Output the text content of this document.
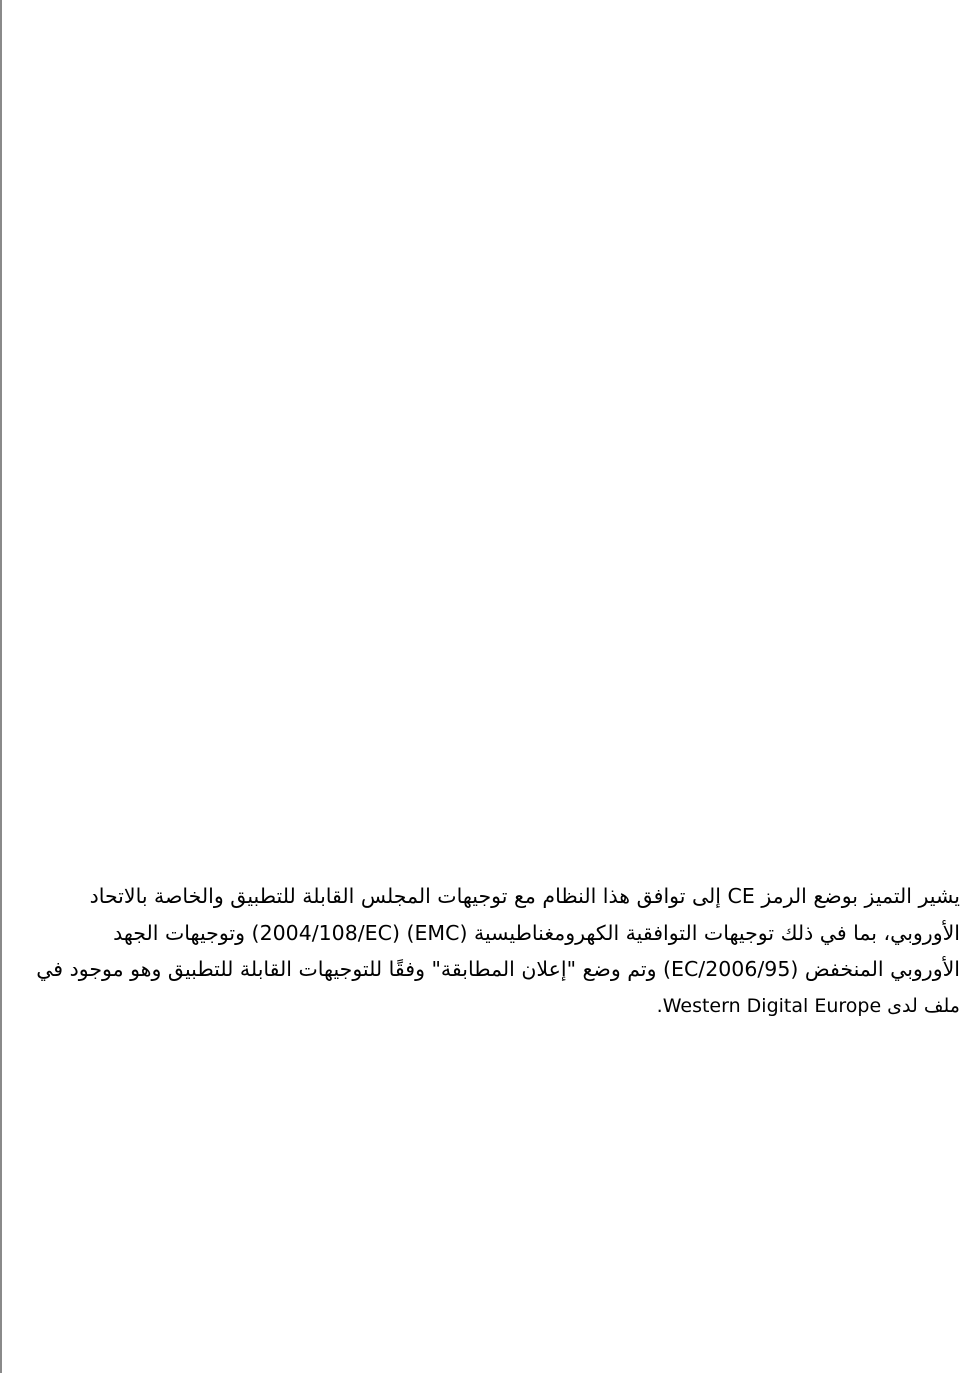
يشير التميز بوضع الرمز CE إلى توافق هذا النظام مع توجيهات المجلس القابلة للتطبيق والخاصة بالاتحاد
الأوروبي، بما في ذلك توجيهات التوافقية الكهرومغناطيسية (EMC) (2004/108/EC) وتوجيهات الجهد
الأوروبي المنخفض (2006/95/EC) وتم وضع "إعلان المطابقة" وفقًا للتوجيهات القابلة للتطبيق وهو موجود في
ملف لدى Western Digital Europe.
